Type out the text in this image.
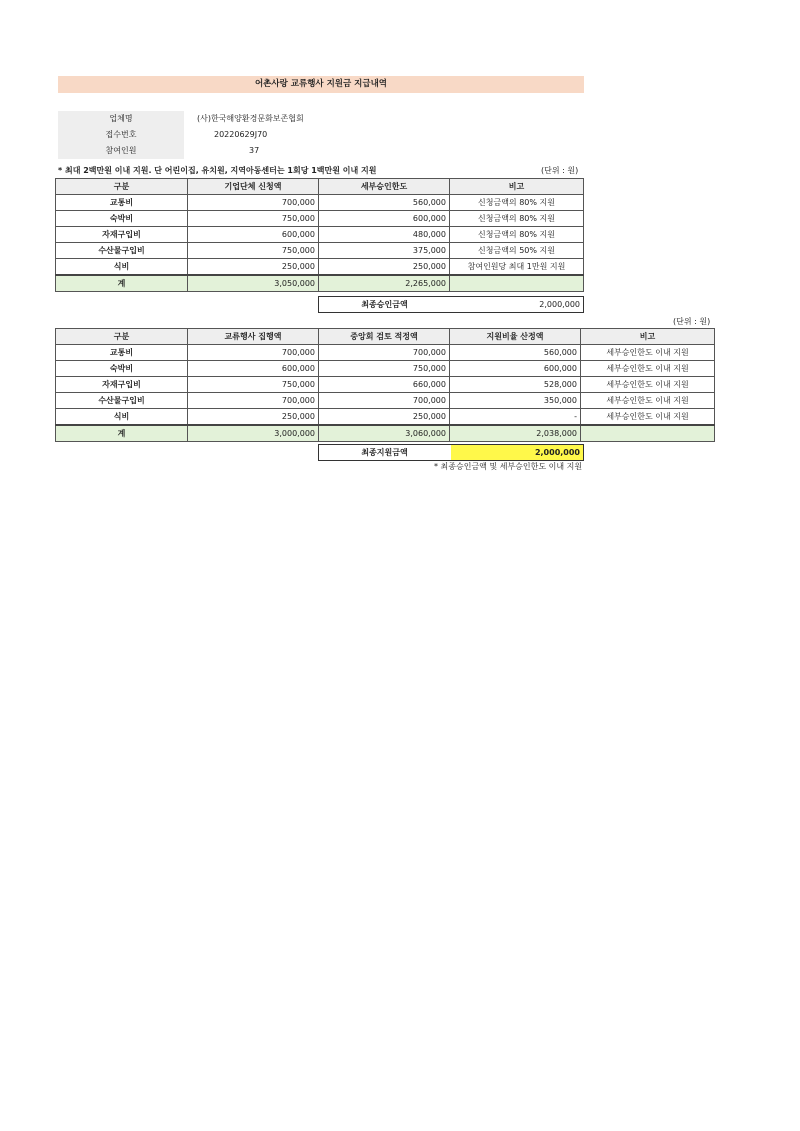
어촌사랑 교류행사 지원금 지급내역
업체명	(사)한국해양환경문화보존협회
접수번호	20220629J70
참여인원	37
* 최대 2백만원 이내 지원. 단 어린이집, 유치원, 지역아동센터는 1회당 1백만원 이내 지원	(단위 : 원)
구분	기업단체 신청액	세부승인한도	비고
교통비	700,000	560,000	신청금액의 80% 지원
숙박비	750,000	600,000	신청금액의 80% 지원
자재구입비	600,000	480,000	신청금액의 80% 지원
수산물구입비	750,000	375,000	신청금액의 50% 지원
식비	250,000	250,000	참여인원당 최대 1만원 지원
계	3,050,000	2,265,000	
최종승인금액	2,000,000
(단위 : 원)
구분	교류행사 집행액	중앙회 검토 적정액	지원비율 산정액	비고
교통비	700,000	700,000	560,000	세부승인한도 이내 지원
숙박비	600,000	750,000	600,000	세부승인한도 이내 지원
자재구입비	750,000	660,000	528,000	세부승인한도 이내 지원
수산물구입비	700,000	700,000	350,000	세부승인한도 이내 지원
식비	250,000	250,000	-	세부승인한도 이내 지원
계	3,000,000	3,060,000	2,038,000	
최종지원금액	2,000,000
* 최종승인금액 및 세부승인한도 이내 지원
